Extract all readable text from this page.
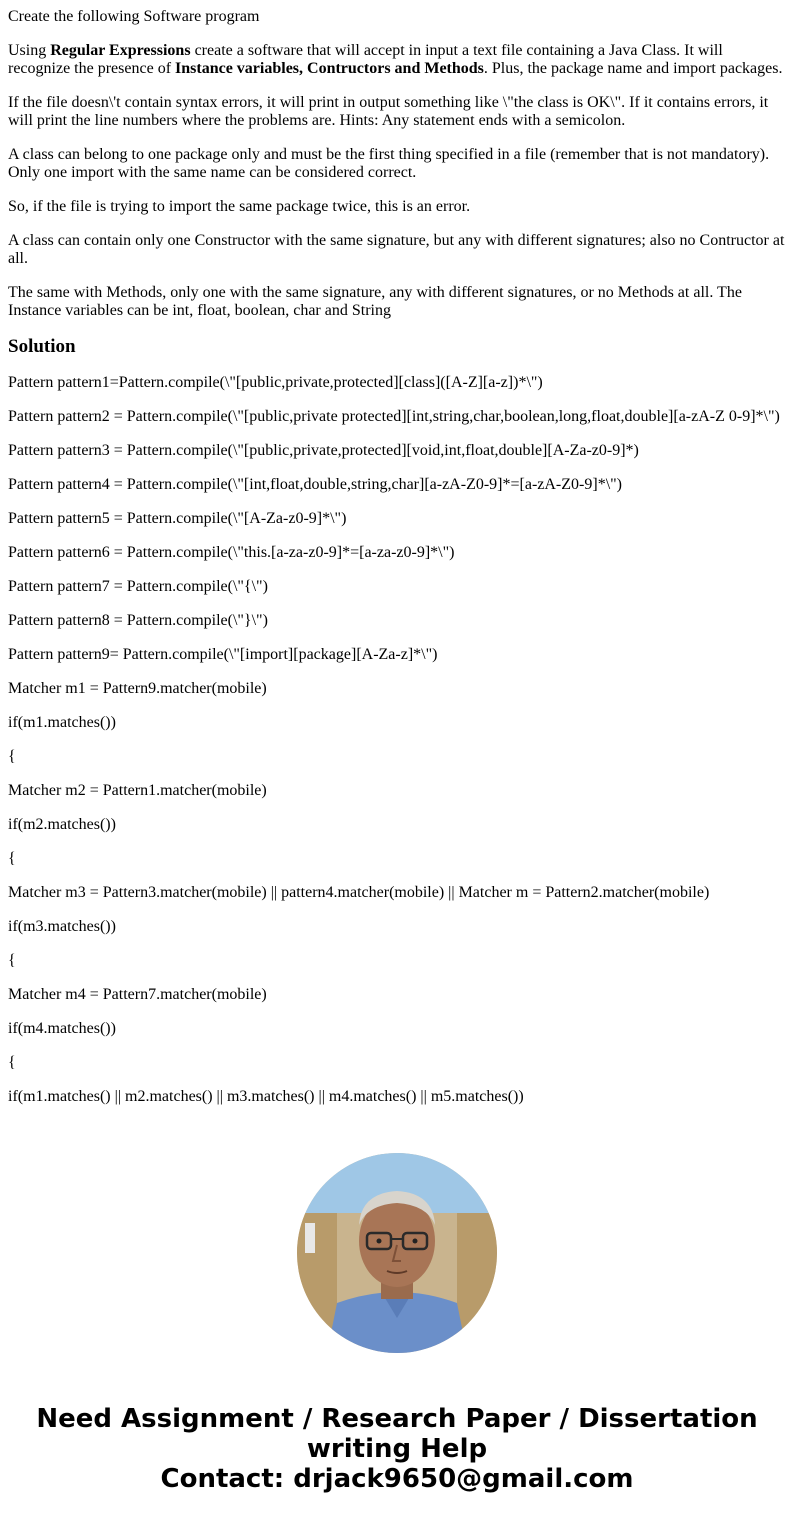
Create the following Software program

Using Regular Expressions create a software that will accept in input a text file containing a Java Class. It will recognize the presence of Instance variables, Contructors and Methods. Plus, the package name and import packages.

If the file doesn\'t contain syntax errors, it will print in output something like \"the class is OK\". If it contains errors, it will print the line numbers where the problems are. Hints: Any statement ends with a semicolon.

A class can belong to one package only and must be the first thing specified in a file (remember that is not mandatory). Only one import with the same name can be considered correct.

So, if the file is trying to import the same package twice, this is an error.

A class can contain only one Constructor with the same signature, but any with different signatures; also no Contructor at all.

The same with Methods, only one with the same signature, any with different signatures, or no Methods at all. The Instance variables can be int, float, boolean, char and String

Solution

Pattern pattern1=Pattern.compile(\"[public,private,protected][class]([A-Z][a-z])*\")

Pattern pattern2 = Pattern.compile(\"[public,private protected][int,string,char,boolean,long,float,double][a-zA-Z 0-9]*\")

Pattern pattern3 = Pattern.compile(\"[public,private,protected][void,int,float,double][A-Za-z0-9]*)

Pattern pattern4 = Pattern.compile(\"[int,float,double,string,char][a-zA-Z0-9]*=[a-zA-Z0-9]*\")

Pattern pattern5 = Pattern.compile(\"[A-Za-z0-9]*\")

Pattern pattern6 = Pattern.compile(\"this.[a-za-z0-9]*=[a-za-z0-9]*\")

Pattern pattern7 = Pattern.compile(\"{\")

Pattern pattern8 = Pattern.compile(\"}\")

Pattern pattern9= Pattern.compile(\"[import][package][A-Za-z]*\")

Matcher m1 = Pattern9.matcher(mobile)

if(m1.matches())

{

Matcher m2 = Pattern1.matcher(mobile)

if(m2.matches())

{

Matcher m3 = Pattern3.matcher(mobile) || pattern4.matcher(mobile) || Matcher m = Pattern2.matcher(mobile)

if(m3.matches())

{

Matcher m4 = Pattern7.matcher(mobile)

if(m4.matches())

{

if(m1.matches() || m2.matches() || m3.matches() || m4.matches() || m5.matches())

Need Assignment / Research Paper / Dissertation
writing Help
Contact: drjack9650@gmail.com
